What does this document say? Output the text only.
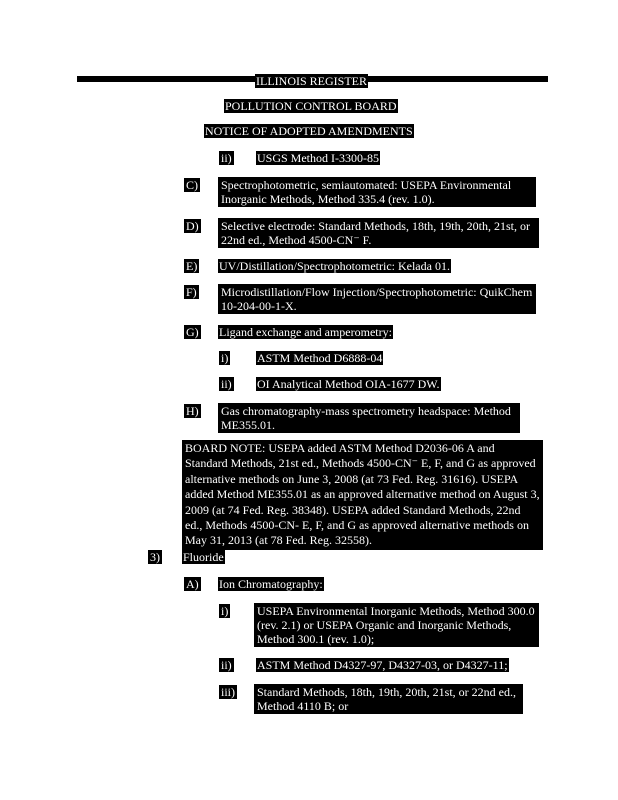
ILLINOIS REGISTER
POLLUTION CONTROL BOARD
NOTICE OF ADOPTED AMENDMENTS
ii) USGS Method I-3300-85
C) Spectrophotometric, semiautomated: USEPA Environmental
Inorganic Methods, Method 335.4 (rev. 1.0).
D) Selective electrode: Standard Methods, 18th, 19th, 20th, 21st, or
22nd ed., Method 4500-CN⁻ F.
E) UV/Distillation/Spectrophotometric: Kelada 01.
F) Microdistillation/Flow Injection/Spectrophotometric: QuikChem
10-204-00-1-X.
G) Ligand exchange and amperometry:
i) ASTM Method D6888-04
ii) OI Analytical Method OIA-1677 DW.
H) Gas chromatography-mass spectrometry headspace: Method
ME355.01.
BOARD NOTE: USEPA added ASTM Method D2036-06 A and
Standard Methods, 21st ed., Methods 4500-CN⁻ E, F, and G as approved
alternative methods on June 3, 2008 (at 73 Fed. Reg. 31616). USEPA
added Method ME355.01 as an approved alternative method on August 3,
2009 (at 74 Fed. Reg. 38348). USEPA added Standard Methods, 22nd
ed., Methods 4500-CN- E, F, and G as approved alternative methods on
May 31, 2013 (at 78 Fed. Reg. 32558).
3) Fluoride
A) Ion Chromatography:
i) USEPA Environmental Inorganic Methods, Method 300.0
(rev. 2.1) or USEPA Organic and Inorganic Methods,
Method 300.1 (rev. 1.0);
ii) ASTM Method D4327-97, D4327-03, or D4327-11;
iii) Standard Methods, 18th, 19th, 20th, 21st, or 22nd ed.,
Method 4110 B; or
